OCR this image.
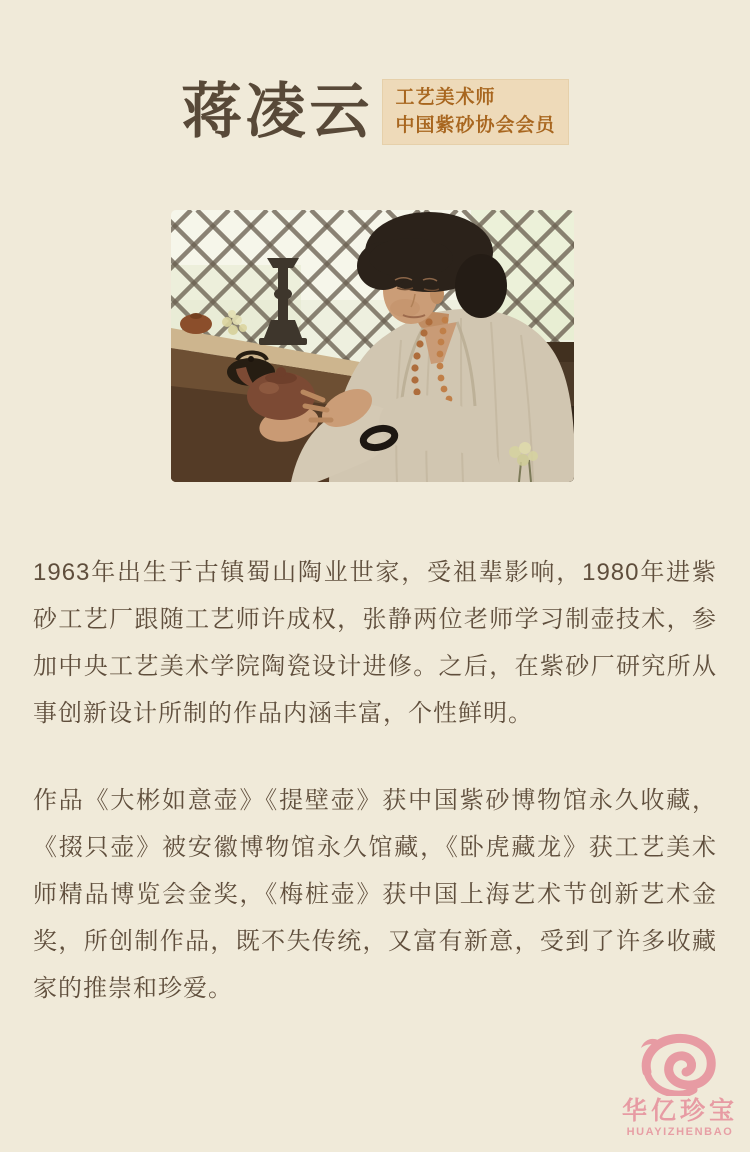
蒋凌云 工艺美术师
中国紫砂协会会员

1963年出生于古镇蜀山陶业世家，受祖辈影响，1980年进紫砂工艺厂跟随工艺师许成权，张静两位老师学习制壶技术，参加中央工艺美术学院陶瓷设计进修。之后，在紫砂厂研究所从事创新设计所制的作品内涵丰富，个性鲜明。

作品《大彬如意壶》《提壁壶》获中国紫砂博物馆永久收藏，《掇只壶》被安徽博物馆永久馆藏，《卧虎藏龙》获工艺美术师精品博览会金奖，《梅桩壶》获中国上海艺术节创新艺术金奖，所创制作品，既不失传统，又富有新意，受到了许多收藏家的推崇和珍爱。

华亿珍宝
HUAYIZHENBAO
